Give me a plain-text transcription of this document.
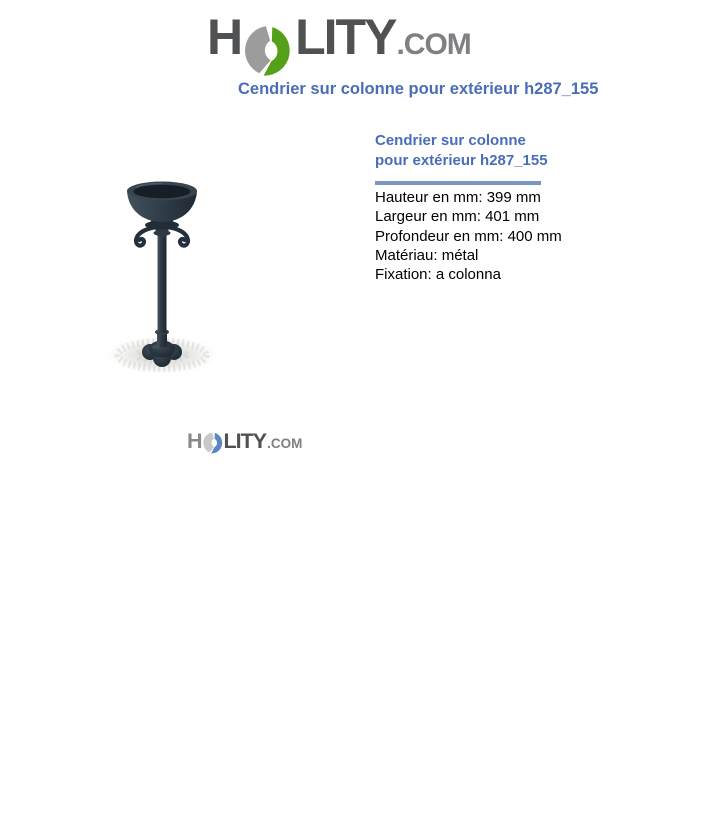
H LITY.COM
Cendrier sur colonne pour extérieur h287_155
H LITY.COM
Cendrier sur colonne
pour extérieur h287_155
Hauteur en mm: 399 mm
Largeur en mm: 401 mm
Profondeur en mm: 400 mm
Matériau: métal
Fixation: a colonna
